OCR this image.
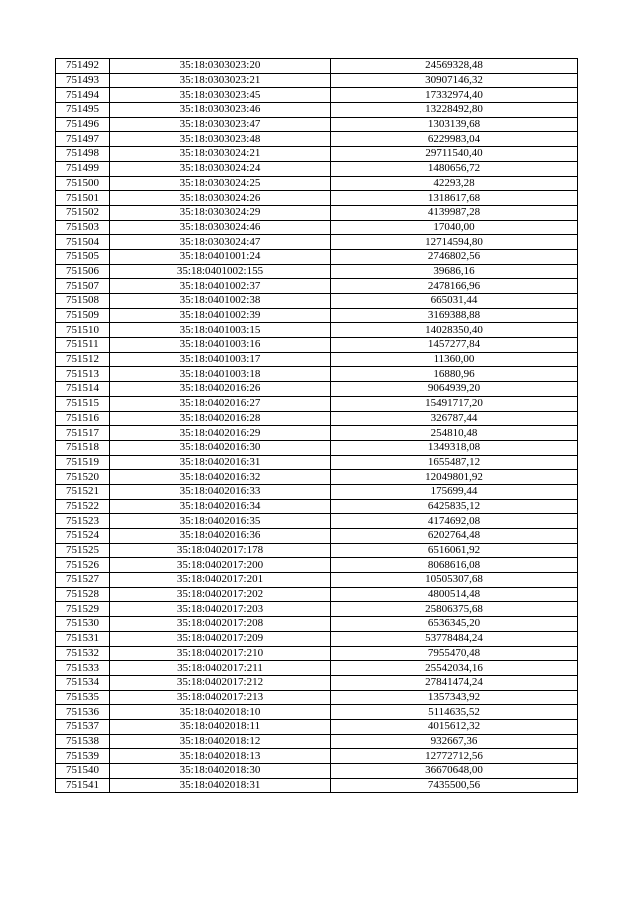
751492	35:18:0303023:20	24569328,48
751493	35:18:0303023:21	30907146,32
751494	35:18:0303023:45	17332974,40
751495	35:18:0303023:46	13228492,80
751496	35:18:0303023:47	1303139,68
751497	35:18:0303023:48	6229983,04
751498	35:18:0303024:21	29711540,40
751499	35:18:0303024:24	1480656,72
751500	35:18:0303024:25	42293,28
751501	35:18:0303024:26	1318617,68
751502	35:18:0303024:29	4139987,28
751503	35:18:0303024:46	17040,00
751504	35:18:0303024:47	12714594,80
751505	35:18:0401001:24	2746802,56
751506	35:18:0401002:155	39686,16
751507	35:18:0401002:37	2478166,96
751508	35:18:0401002:38	665031,44
751509	35:18:0401002:39	3169388,88
751510	35:18:0401003:15	14028350,40
751511	35:18:0401003:16	1457277,84
751512	35:18:0401003:17	11360,00
751513	35:18:0401003:18	16880,96
751514	35:18:0402016:26	9064939,20
751515	35:18:0402016:27	15491717,20
751516	35:18:0402016:28	326787,44
751517	35:18:0402016:29	254810,48
751518	35:18:0402016:30	1349318,08
751519	35:18:0402016:31	1655487,12
751520	35:18:0402016:32	12049801,92
751521	35:18:0402016:33	175699,44
751522	35:18:0402016:34	6425835,12
751523	35:18:0402016:35	4174692,08
751524	35:18:0402016:36	6202764,48
751525	35:18:0402017:178	6516061,92
751526	35:18:0402017:200	8068616,08
751527	35:18:0402017:201	10505307,68
751528	35:18:0402017:202	4800514,48
751529	35:18:0402017:203	25806375,68
751530	35:18:0402017:208	6536345,20
751531	35:18:0402017:209	53778484,24
751532	35:18:0402017:210	7955470,48
751533	35:18:0402017:211	25542034,16
751534	35:18:0402017:212	27841474,24
751535	35:18:0402017:213	1357343,92
751536	35:18:0402018:10	5114635,52
751537	35:18:0402018:11	4015612,32
751538	35:18:0402018:12	932667,36
751539	35:18:0402018:13	12772712,56
751540	35:18:0402018:30	36670648,00
751541	35:18:0402018:31	7435500,56
